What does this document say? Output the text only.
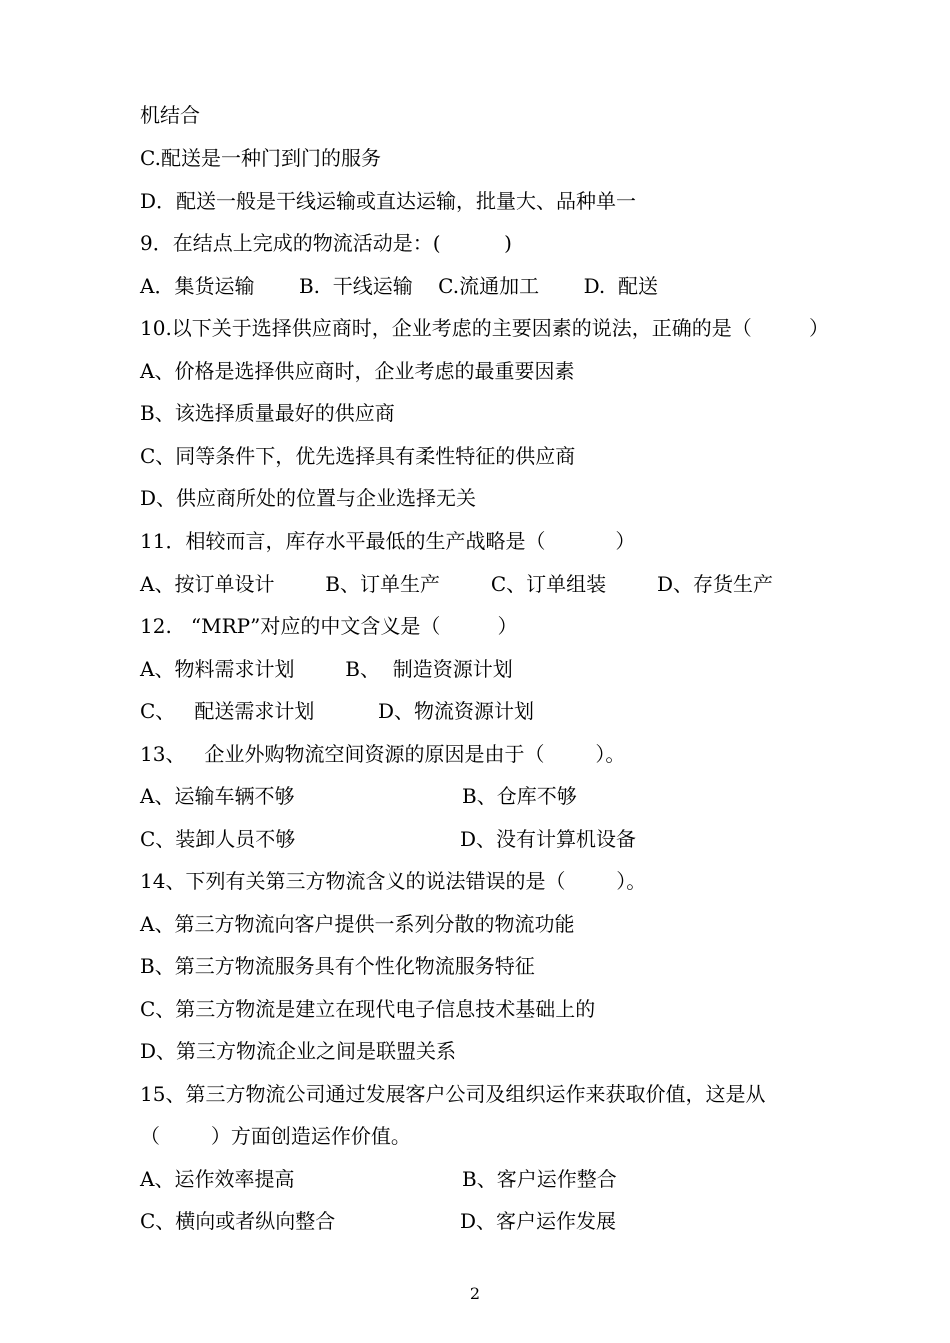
机结合
C.配送是一种门到门的服务
D．配送一般是干线运输或直达运输，批量大、品种单一
9．在结点上完成的物流活动是：(          )
A．集货运输       B.  干线运输    C.流通加工       D.  配送
10.以下关于选择供应商时，企业考虑的主要因素的说法，正确的是（         ）
A、价格是选择供应商时，企业考虑的最重要因素
B、该选择质量最好的供应商
C、同等条件下，优先选择具有柔性特征的供应商
D、供应商所处的位置与企业选择无关
11．相较而言，库存水平最低的生产战略是（           ）
A、按订单设计        B、订单生产        C、订单组装        D、存货生产
12.   “MRP”对应的中文含义是（         ）
A、物料需求计划        B、  制造资源计划
C、   配送需求计划          D、物流资源计划
13、   企业外购物流空间资源的原因是由于（        ）。

A、运输车辆不够

	B、仓库不够

C、装卸人员不够

	D、没有计算机设备

14、下列有关第三方物流含义的说法错误的是（        ）。
A、第三方物流向客户提供一系列分散的物流功能
B、第三方物流服务具有个性化物流服务特征
C、第三方物流是建立在现代电子信息技术基础上的
D、第三方物流企业之间是联盟关系
15、第三方物流公司通过发展客户公司及组织运作来获取价值，这是从
（        ）方面创造运作价值。

A、运作效率提高

	B、客户运作整合

C、横向或者纵向整合

	D、客户运作发展

2
